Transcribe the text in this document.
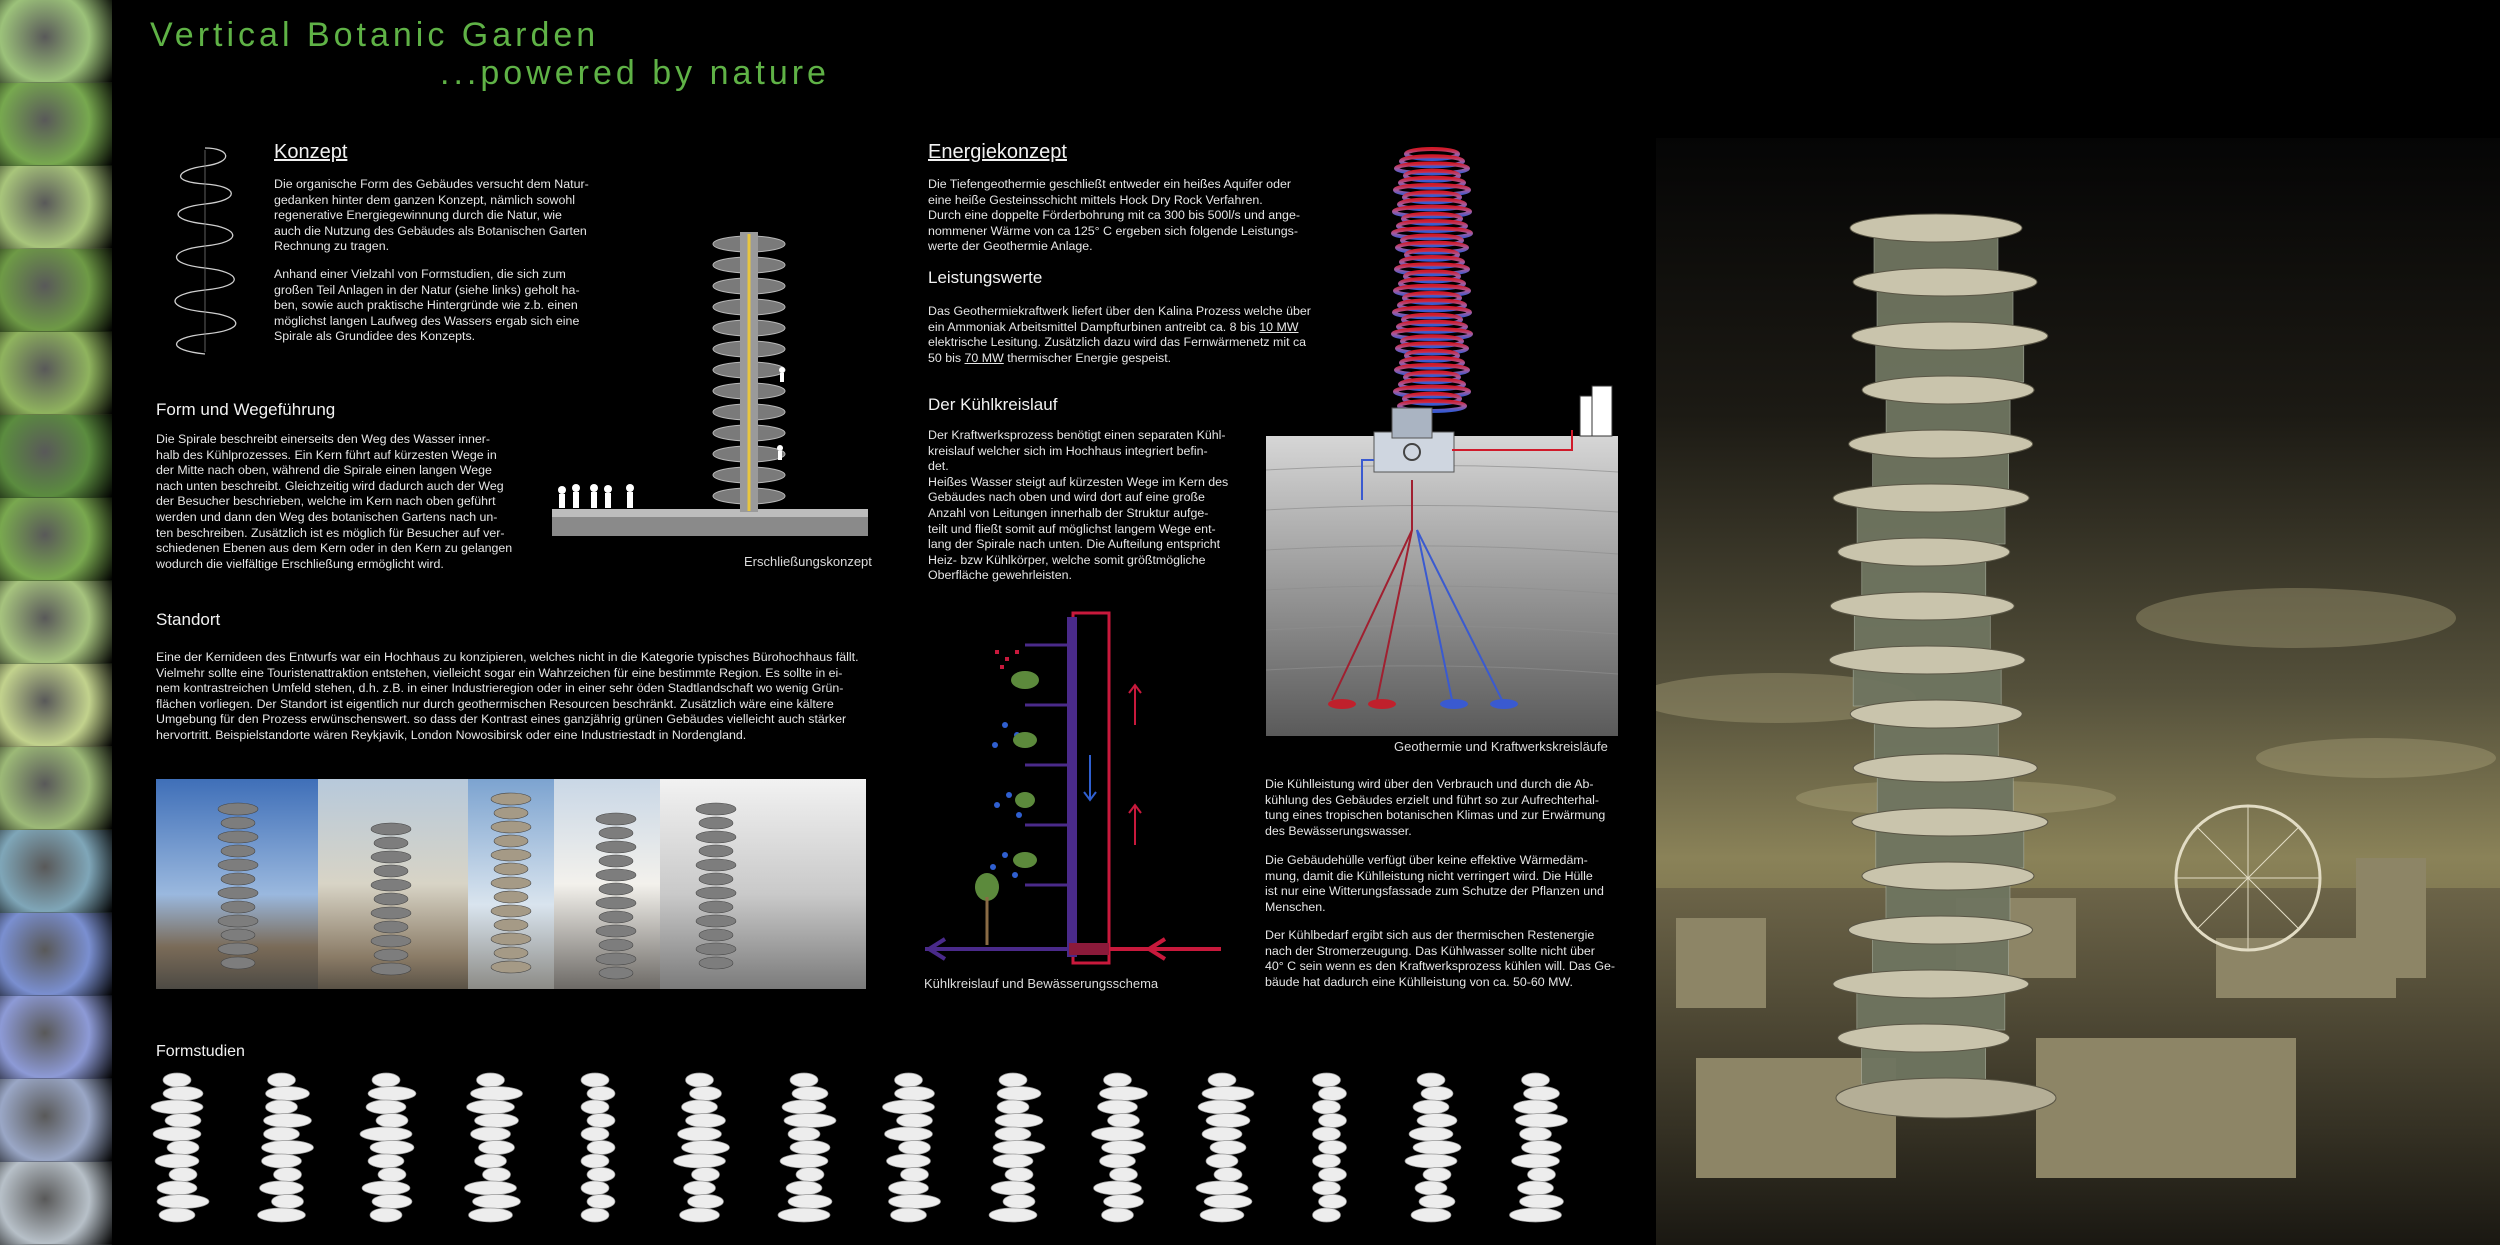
Vertical Botanic Garden
...powered by nature
Konzept
Die organische Form des Gebäudes versucht dem Natur-
gedanken hinter dem ganzen Konzept, nämlich sowohl
regenerative Energiegewinnung durch die Natur, wie
auch die Nutzung des Gebäudes als Botanischen Garten
Rechnung zu tragen.
Anhand einer Vielzahl von Formstudien, die sich zum
großen Teil Anlagen in der Natur (siehe links) geholt ha-
ben, sowie auch praktische Hintergründe wie z.b. einen
möglichst langen Laufweg des Wassers ergab sich eine
Spirale als Grundidee des Konzepts.
Form und Wegeführung
Die Spirale beschreibt einerseits den Weg des Wasser inner-
halb des Kühlprozesses. Ein Kern führt auf kürzesten Wege in
der Mitte nach oben, während die Spirale einen langen Wege
nach unten beschreibt. Gleichzeitig wird dadurch auch der Weg
der Besucher beschrieben, welche im Kern nach oben geführt
werden und dann den Weg des botanischen Gartens nach un-
ten beschreiben. Zusätzlich ist es möglich für Besucher auf ver-
schiedenen Ebenen aus dem Kern oder in den Kern zu gelangen
wodurch die vielfältige Erschließung ermöglicht wird.	Erschließungskonzept
Standort
Eine der Kernideen des Entwurfs war ein Hochhaus zu konzipieren, welches nicht in die Kategorie typisches Bürohochhaus fällt.
Vielmehr sollte eine Touristenattraktion entstehen, vielleicht sogar ein Wahrzeichen für eine bestimmte Region. Es sollte in ei-
nem kontrastreichen Umfeld stehen, d.h. z.B. in einer Industrieregion oder in einer sehr öden Stadtlandschaft wo wenig Grün-
flächen vorliegen. Der Standort ist eigentlich nur durch geothermischen Resourcen beschränkt. Zusätzlich wäre eine kältere
Umgebung für den Prozess erwünschenswert. so dass der Kontrast eines ganzjährig grünen Gebäudes vielleicht auch stärker
hervortritt. Beispielstandorte wären Reykjavik, London Nowosibirsk oder eine Industriestadt in Nordengland.
Energiekonzept
Die Tiefengeothermie geschließt entweder ein heißes Aquifer oder
eine heiße Gesteinsschicht mittels Hock Dry Rock Verfahren.
Durch eine doppelte Förderbohrung mit ca 300 bis 500l/s und ange-
nommener Wärme von ca 125° C ergeben sich folgende Leistungs-
werte der Geothermie Anlage.
Leistungswerte
Das Geothermiekraftwerk liefert über den Kalina Prozess welche über
ein Ammoniak Arbeitsmittel Dampfturbinen antreibt ca. 8 bis 10 MW
elektrische Lesitung. Zusätzlich dazu wird das Fernwärmenetz mit ca
50 bis 70 MW thermischer Energie gespeist.
Der Kühlkreislauf
Der Kraftwerksprozess benötigt einen separaten Kühl-
kreislauf welcher sich im Hochhaus integriert befin-
det.
Heißes Wasser steigt auf kürzesten Wege im Kern des
Gebäudes nach oben und wird dort auf eine große
Anzahl von Leitungen innerhalb der Struktur aufge-
teilt und fließt somit auf möglichst langem Wege ent-
lang der Spirale nach unten. Die Aufteilung entspricht
Heiz- bzw Kühlkörper, welche somit größtmögliche
Oberfläche gewehrleisten.
Kühlkreislauf und Bewässerungsschema
Geothermie und Kraftwerkskreisläufe
Die Kühlleistung wird über den Verbrauch und durch die Ab-
kühlung des Gebäudes erzielt und führt so zur Aufrechterhal-
tung eines tropischen botanischen Klimas und zur Erwärmung
des Bewässerungswasser.
Die Gebäudehülle verfügt über keine effektive Wärmedäm-
mung, damit die Kühlleistung nicht verringert wird. Die Hülle
ist nur eine Witterungsfassade zum Schutze der Pflanzen und
Menschen.
Der Kühlbedarf ergibt sich aus der thermischen Restenergie
nach der Stromerzeugung. Das Kühlwasser sollte nicht über
40° C sein wenn es den Kraftwerksprozess kühlen will. Das Ge-
bäude hat dadurch eine Kühlleistung von ca. 50-60 MW.
Formstudien
